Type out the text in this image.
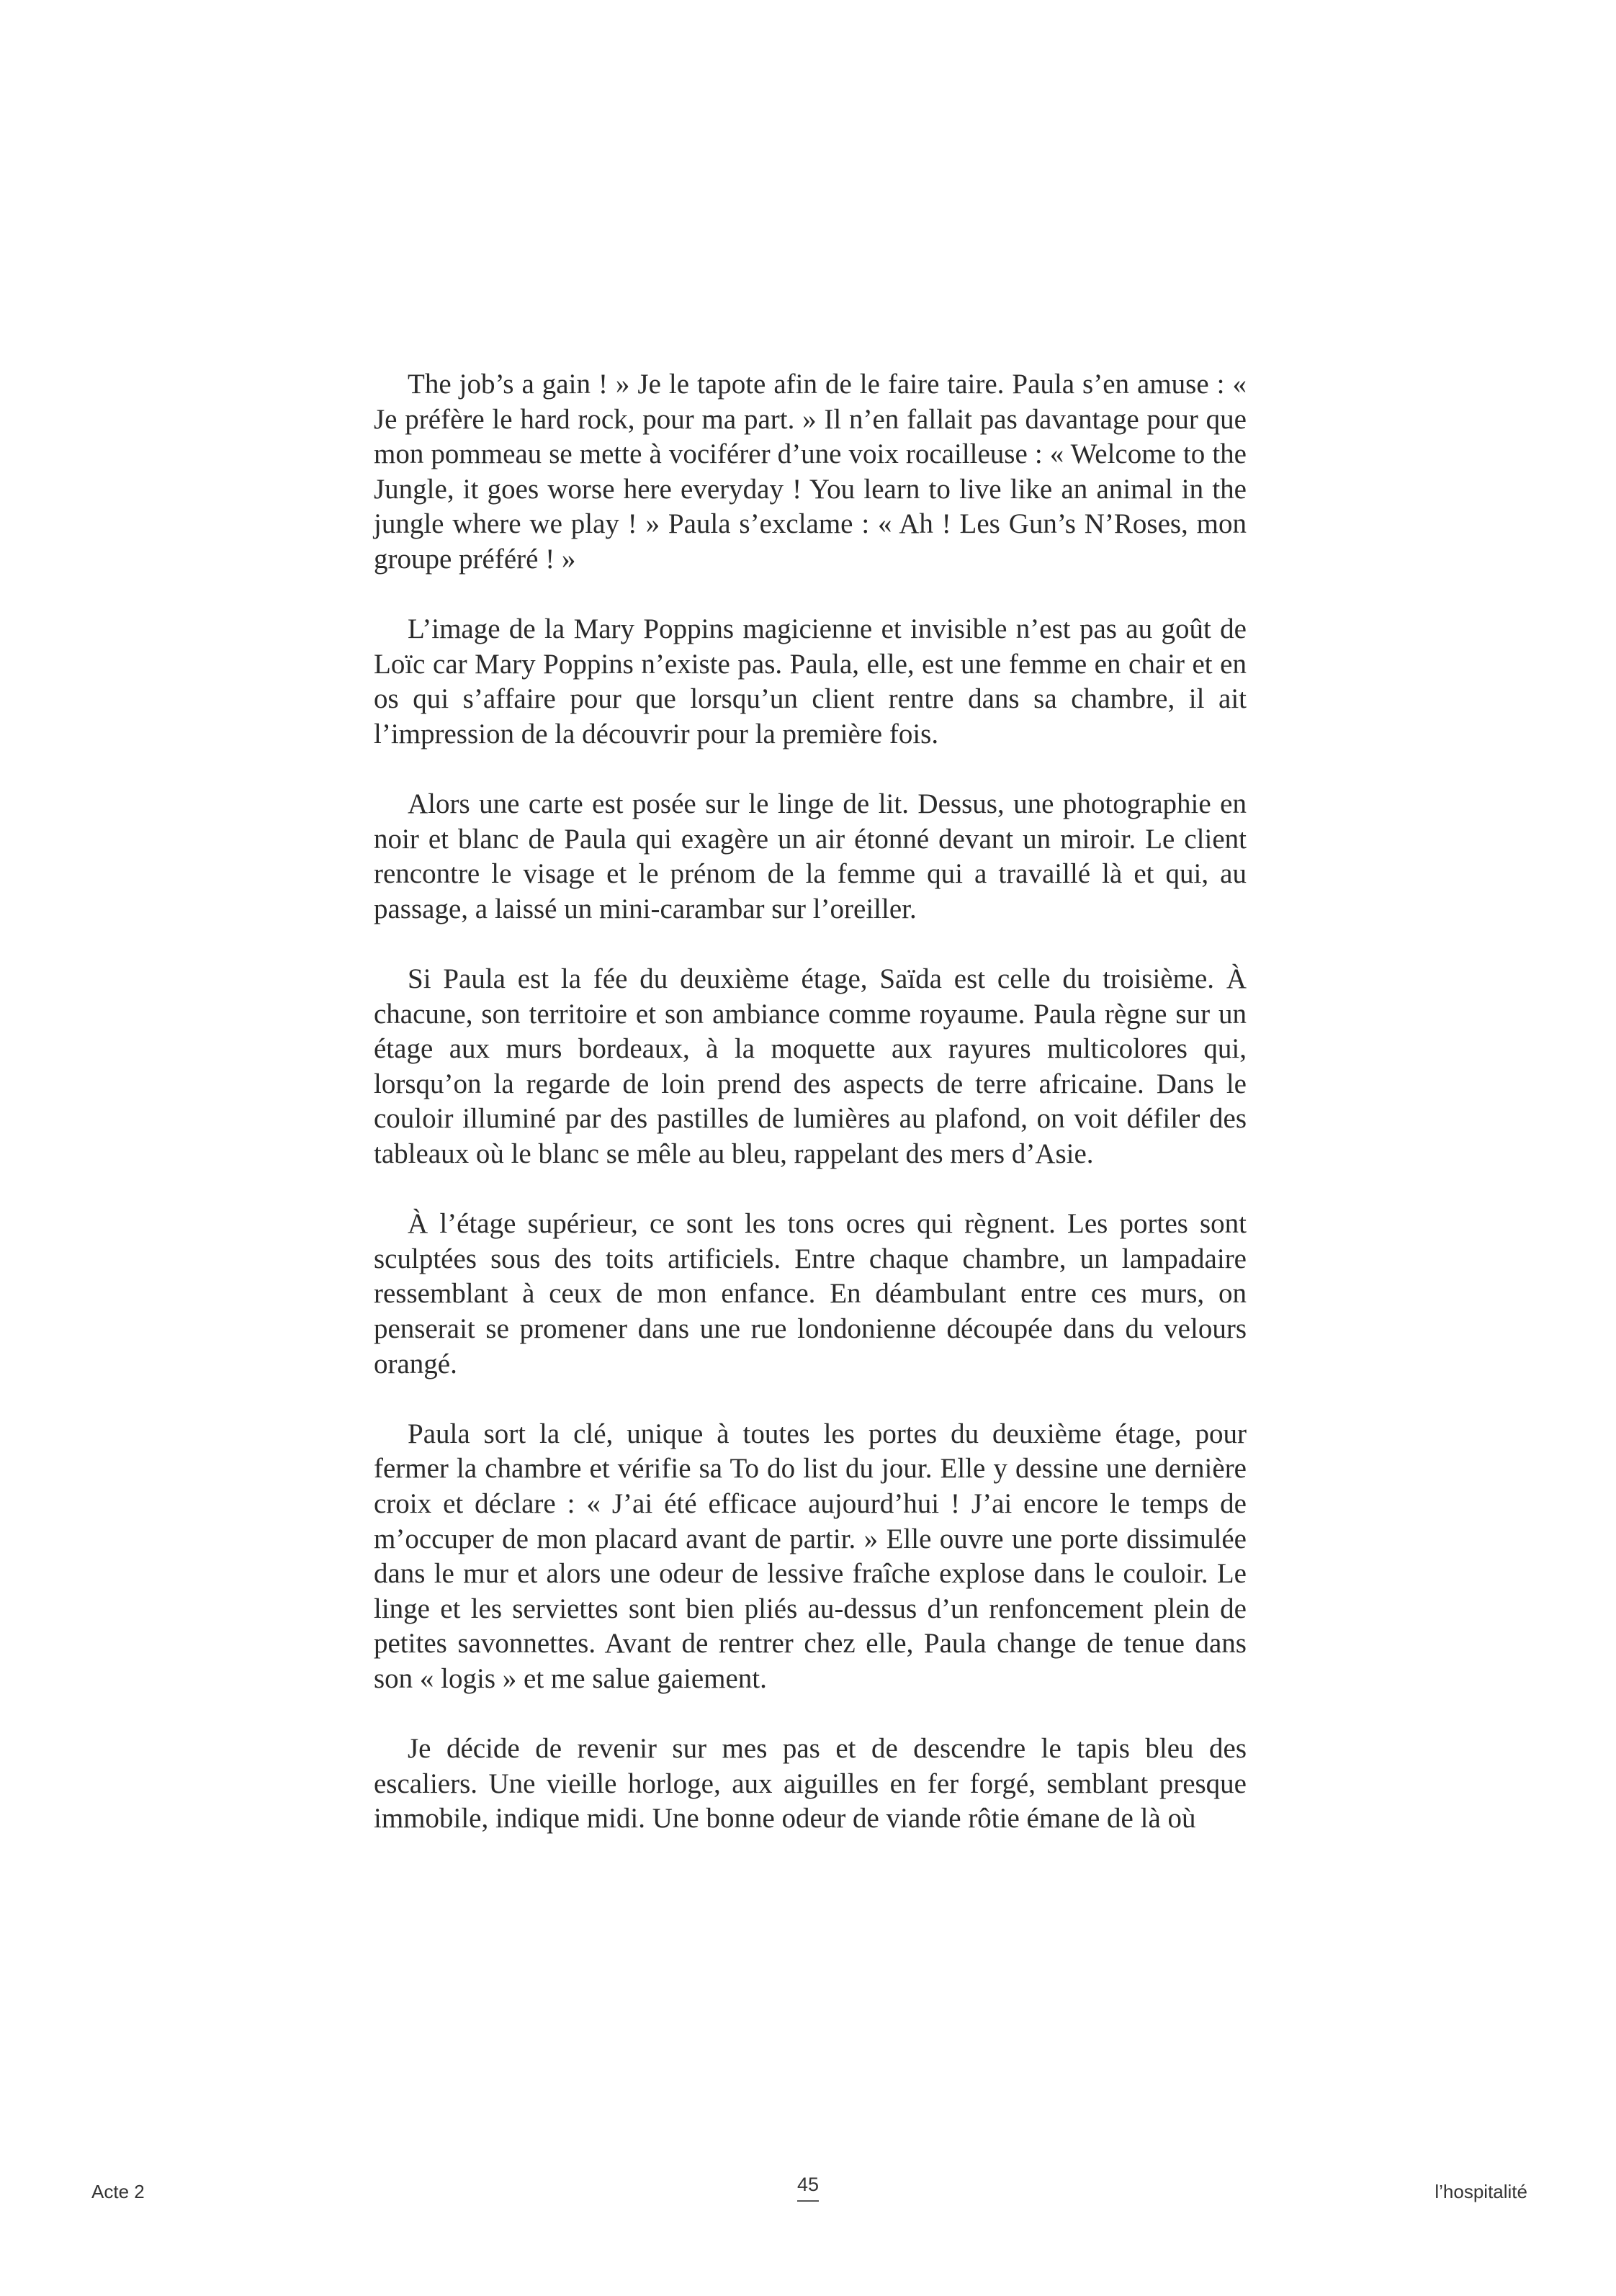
The job’s a gain ! » Je le tapote afin de le faire taire. Paula s’en amuse : « Je préfère le hard rock, pour ma part. » Il n’en fallait pas davantage pour que mon pommeau se mette à vociférer d’une voix rocailleuse : « Welcome to the Jungle, it goes worse here everyday ! You learn to live like an animal in the jungle where we play ! » Paula s’exclame : « Ah ! Les Gun’s N’Roses, mon groupe préféré ! »

L’image de la Mary Poppins magicienne et invisible n’est pas au goût de Loïc car Mary Poppins n’existe pas. Paula, elle, est une femme en chair et en os qui s’affaire pour que lorsqu’un client rentre dans sa chambre, il ait l’impression de la découvrir pour la première fois.

Alors une carte est posée sur le linge de lit. Dessus, une photographie en noir et blanc de Paula qui exagère un air étonné devant un miroir. Le client rencontre le visage et le prénom de la femme qui a travaillé là et qui, au passage, a laissé un mini-carambar sur l’oreiller.

Si Paula est la fée du deuxième étage, Saïda est celle du troisième. À chacune, son territoire et son ambiance comme royaume. Paula règne sur un étage aux murs bordeaux, à la moquette aux rayures multicolores qui, lorsqu’on la regarde de loin prend des aspects de terre africaine. Dans le couloir illuminé par des pastilles de lumières au plafond, on voit défiler des tableaux où le blanc se mêle au bleu, rappelant des mers d’Asie.

À l’étage supérieur, ce sont les tons ocres qui règnent. Les portes sont sculptées sous des toits artificiels. Entre chaque chambre, un lampadaire ressemblant à ceux de mon enfance. En déambulant entre ces murs, on penserait se promener dans une rue londonienne découpée dans du velours orangé.

Paula sort la clé, unique à toutes les portes du deuxième étage, pour fermer la chambre et vérifie sa To do list du jour. Elle y dessine une dernière croix et déclare : « J’ai été efficace aujourd’hui ! J’ai encore le temps de m’occuper de mon placard avant de partir. » Elle ouvre une porte dissimulée dans le mur et alors une odeur de lessive fraîche explose dans le couloir. Le linge et les serviettes sont bien pliés au-dessus d’un renfoncement plein de petites savonnettes. Avant de rentrer chez elle, Paula change de tenue dans son « logis » et me salue gaiement.

Je décide de revenir sur mes pas et de descendre le tapis bleu des escaliers. Une vieille horloge, aux aiguilles en fer forgé, semblant presque immobile, indique midi. Une bonne odeur de viande rôtie émane de là où

Acte 2	45	l’hospitalité
